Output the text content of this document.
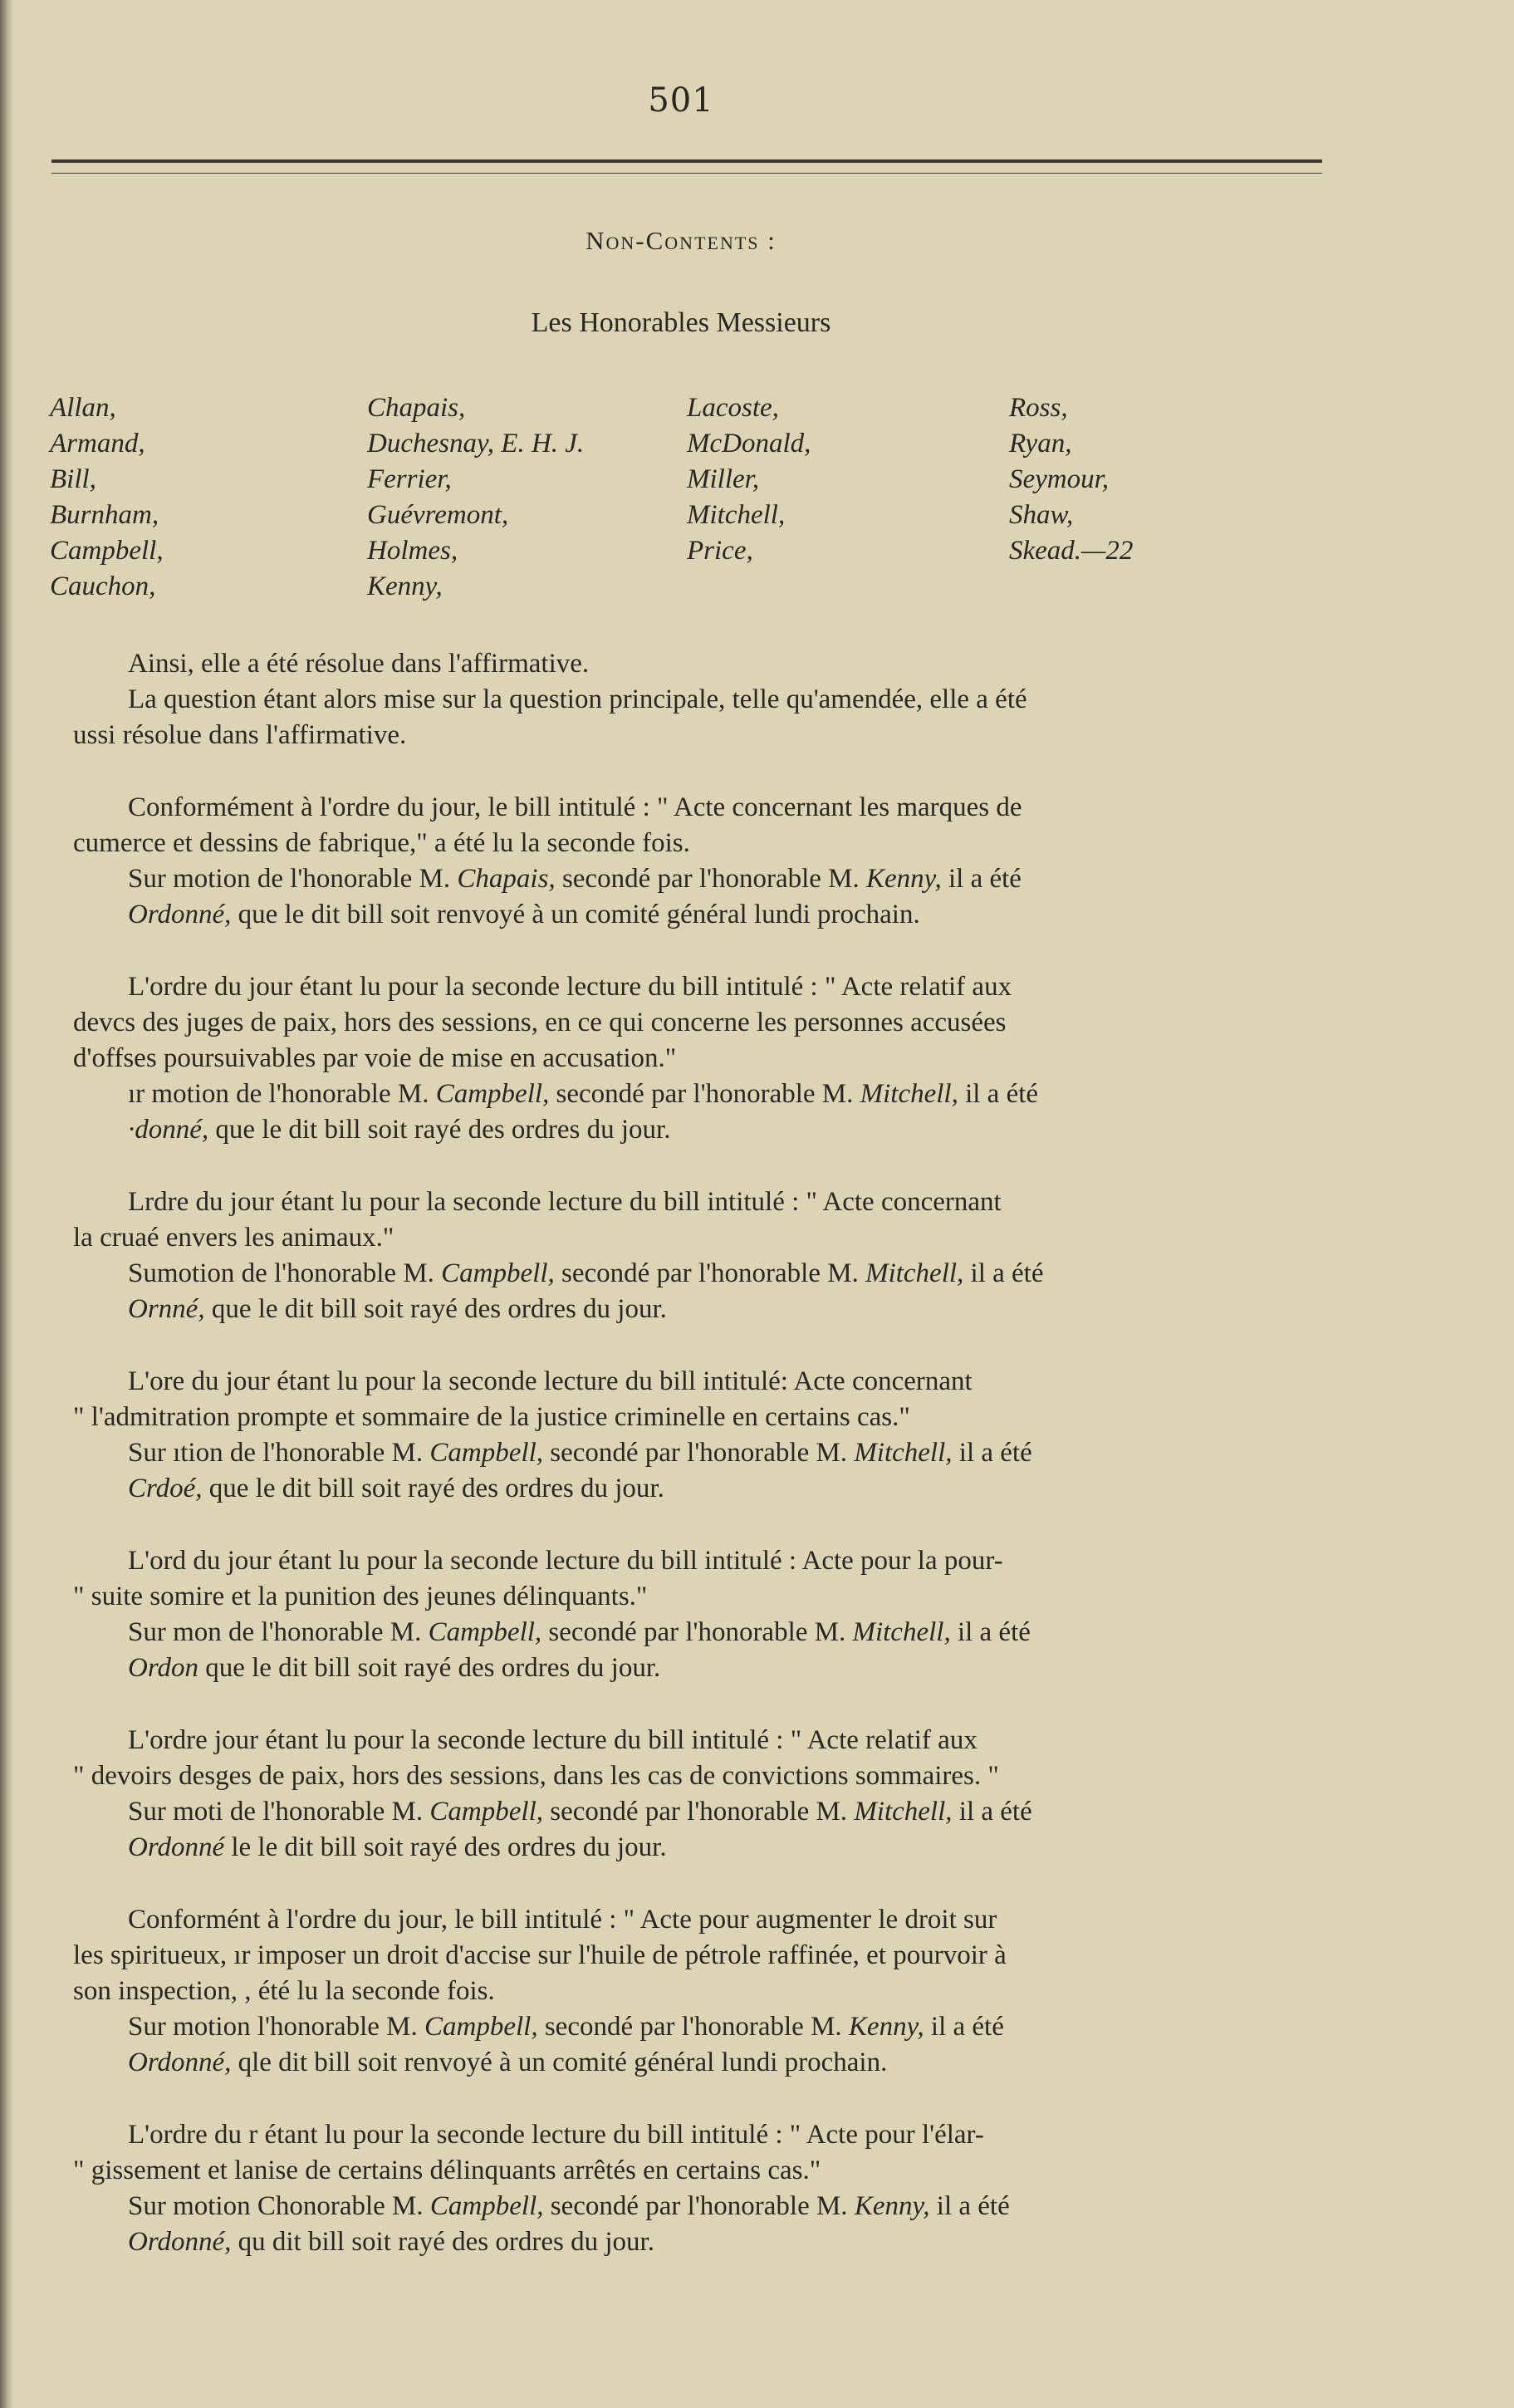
501
Non-Contents :
Les Honorables Messieurs
Allan,
Armand,
Bill,
Burnham,
Campbell,
Cauchon,
Chapais,
Duchesnay, E. H. J.
Ferrier,
Guévremont,
Holmes,
Kenny,
Lacoste,
McDonald,
Miller,
Mitchell,
Price,
Ross,
Ryan,
Seymour,
Shaw,
Skead.—22

Ainsi, elle a été résolue dans l'affirmative.

La question étant alors mise sur la question principale, telle qu'amendée, elle a été

ussi résolue dans l'affirmative.

Conformément à l'ordre du jour, le bill intitulé : " Acte concernant les marques de

cumerce et dessins de fabrique," a été lu la seconde fois.

Sur motion de l'honorable M. Chapais, secondé par l'honorable M. Kenny, il a été

Ordonné, que le dit bill soit renvoyé à un comité général lundi prochain.

L'ordre du jour étant lu pour la seconde lecture du bill intitulé : " Acte relatif aux

devcs des juges de paix, hors des sessions, en ce qui concerne les personnes accusées

d'offses poursuivables par voie de mise en accusation."

ır motion de l'honorable M. Campbell, secondé par l'honorable M. Mitchell, il a été

·donné, que le dit bill soit rayé des ordres du jour.

Lrdre du jour étant lu pour la seconde lecture du bill intitulé : " Acte concernant

la cruaé envers les animaux."

Sumotion de l'honorable M. Campbell, secondé par l'honorable M. Mitchell, il a été

Ornné, que le dit bill soit rayé des ordres du jour.

L'ore du jour étant lu pour la seconde lecture du bill intitulé: Acte concernant

" l'admitration prompte et sommaire de la justice criminelle en certains cas."

Sur ıtion de l'honorable M. Campbell, secondé par l'honorable M. Mitchell, il a été

Crdoé, que le dit bill soit rayé des ordres du jour.

L'ord du jour étant lu pour la seconde lecture du bill intitulé : Acte pour la pour-

" suite somire et la punition des jeunes délinquants."

Sur mon de l'honorable M. Campbell, secondé par l'honorable M. Mitchell, il a été

Ordon que le dit bill soit rayé des ordres du jour.

L'ordre jour étant lu pour la seconde lecture du bill intitulé : " Acte relatif aux

" devoirs desges de paix, hors des sessions, dans les cas de convictions sommaires. "

Sur moti de l'honorable M. Campbell, secondé par l'honorable M. Mitchell, il a été

Ordonné le le dit bill soit rayé des ordres du jour.

Conformént à l'ordre du jour, le bill intitulé : " Acte pour augmenter le droit sur

les spiritueux, ır imposer un droit d'accise sur l'huile de pétrole raffinée, et pourvoir à

son inspection, , été lu la seconde fois.

Sur motion l'honorable M. Campbell, secondé par l'honorable M. Kenny, il a été

Ordonné, qle dit bill soit renvoyé à un comité général lundi prochain.

L'ordre du r étant lu pour la seconde lecture du bill intitulé : " Acte pour l'élar-

" gissement et lanise de certains délinquants arrêtés en certains cas."

Sur motion Chonorable M. Campbell, secondé par l'honorable M. Kenny, il a été

Ordonné, qu dit bill soit rayé des ordres du jour.
